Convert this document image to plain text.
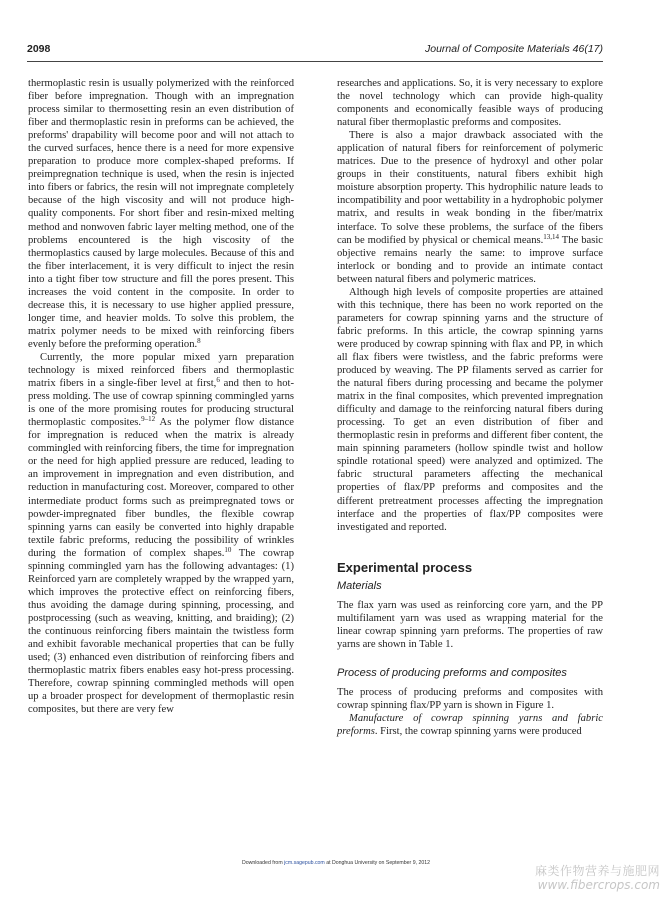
2098	Journal of Composite Materials 46(17)

thermoplastic resin is usually polymerized with the reinforced fiber before impregnation. Though with an impregnation process similar to thermosetting resin an even distribution of fiber and thermoplastic resin in preforms can be achieved, the preforms' drapability will become poor and will not attach to the curved surfaces, hence there is a need for more expensive preparation to produce more complex-shaped preforms. If preimpregnation technique is used, when the resin is injected into fibers or fabrics, the resin will not impregnate completely because of the high viscosity and will not produce high-quality components. For short fiber and resin-mixed melting method and nonwoven fabric layer melting method, one of the problems encountered is the high viscosity of the thermoplastics caused by large molecules. Because of this and the fiber interlacement, it is very difficult to inject the resin into a tight fiber tow structure and fill the pores present. This increases the void content in the composite. In order to decrease this, it is necessary to use higher applied pressure, longer time, and heavier molds. To solve this problem, the matrix polymer needs to be mixed with reinforcing fibers evenly before the preforming operation.$^8$

Currently, the more popular mixed yarn preparation technology is mixed reinforced fibers and thermoplastic matrix fibers in a single-fiber level at first,$^6$ and then to hot-press molding. The use of cowrap spinning commingled yarns is one of the more promising routes for producing structural thermoplastic composites.$^{9-12}$ As the polymer flow distance for impregnation is reduced when the matrix is already commingled with reinforcing fibers, the time for impregnation or the need for high applied pressure are reduced, leading to an improvement in impregnation and even distribution, and reduction in manufacturing cost. Moreover, compared to other intermediate product forms such as preimpregnated tows or powder-impregnated fiber bundles, the flexible cowrap spinning yarns can easily be converted into highly drapable textile fabric preforms, reducing the possibility of wrinkles during the formation of complex shapes.$^{10}$ The cowrap spinning commingled yarn has the following advantages: (1) Reinforced yarn are completely wrapped by the wrapped yarn, which improves the protective effect on reinforcing fibers, thus avoiding the damage during spinning, processing, and postprocessing (such as weaving, knitting, and braiding); (2) the continuous reinforcing fibers maintain the twistless form and exhibit favorable mechanical properties that can be fully used; (3) enhanced even distribution of reinforcing fibers and thermoplastic matrix fibers enables easy hot-press processing. Therefore, cowrap spinning commingled methods will open up a broader prospect for development of thermoplastic resin composites, but there are very few

researches and applications. So, it is very necessary to explore the novel technology which can provide high-quality components and economically feasible ways of producing natural fiber thermoplastic preforms and composites.

There is also a major drawback associated with the application of natural fibers for reinforcement of polymeric matrices. Due to the presence of hydroxyl and other polar groups in their constituents, natural fibers exhibit high moisture absorption property. This hydrophilic nature leads to incompatibility and poor wettability in a hydrophobic polymer matrix, and results in weak bonding in the fiber/matrix interface. To solve these problems, the surface of the fibers can be modified by physical or chemical means.$^{13,14}$ The basic objective remains nearly the same: to improve surface interlock or bonding and to provide an intimate contact between natural fibers and polymeric matrices.

Although high levels of composite properties are attained with this technique, there has been no work reported on the parameters for cowrap spinning yarns and the structure of fabric preforms. In this article, the cowrap spinning yarns were produced by cowrap spinning with flax and PP, in which all flax fibers were twistless, and the fabric preforms were produced by weaving. The PP filaments served as carrier for the natural fibers during processing and became the polymer matrix in the final composites, which prevented impregnation difficulty and damage to the reinforcing natural fibers during processing. To get an even distribution of fiber and thermoplastic resin in preforms and different fiber content, the main spinning parameters (hollow spindle twist and hollow spindle rotational speed) were analyzed and optimized. The fabric structural parameters affecting the mechanical properties of flax/PP preforms and composites and the different pretreatment processes affecting the impregnation interface and the properties of flax/PP composites were investigated and reported.

Experimental process
Materials

The flax yarn was used as reinforcing core yarn, and the PP multifilament yarn was used as wrapping material for the linear cowrap spinning yarn preforms. The properties of raw yarns are shown in Table 1.

Process of producing preforms and composites

The process of producing preforms and composites with cowrap spinning flax/PP yarn is shown in Figure 1.

Manufacture of cowrap spinning yarns and fabric preforms. First, the cowrap spinning yarns were produced

Downloaded from jcm.sagepub.com at Donghua University on September 9, 2012
麻类作物营养与施肥网
www.fibercrops.com
